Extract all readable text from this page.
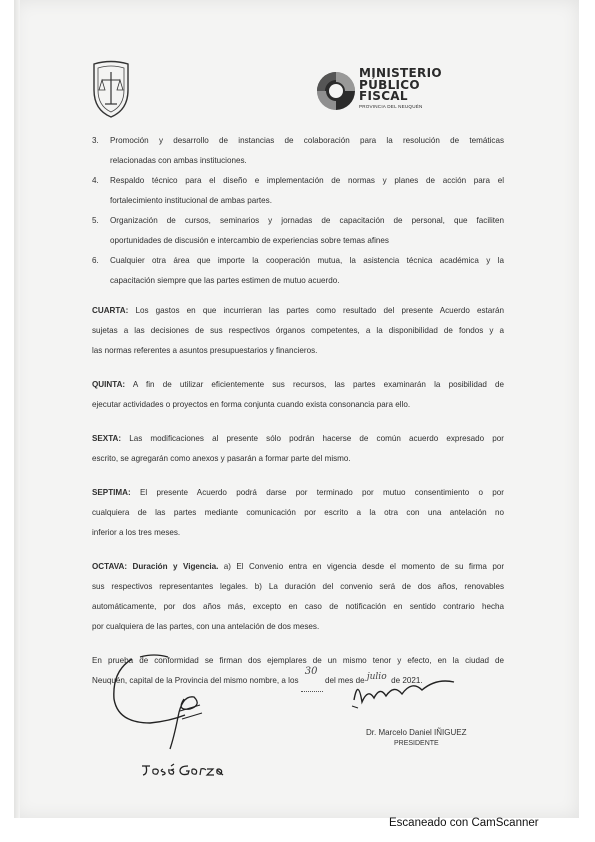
MINISTERIO
PÚBLICO
FISCAL
PROVINCIA DEL NEUQUÉN
3. Promoción y desarrollo de instancias de colaboración para la resolución de temáticas
relacionadas con ambas instituciones.
4. Respaldo técnico para el diseño e implementación de normas y planes de acción para el
fortalecimiento institucional de ambas partes.
5. Organización de cursos, seminarios y jornadas de capacitación de personal, que faciliten
oportunidades de discusión e intercambio de experiencias sobre temas afines
6. Cualquier otra área que importe la cooperación mutua, la asistencia técnica académica y la
capacitación siempre que las partes estimen de mutuo acuerdo.
CUARTA: Los gastos en que incurrieran las partes como resultado del presente Acuerdo estarán
sujetas a las decisiones de sus respectivos órganos competentes, a la disponibilidad de fondos y a
las normas referentes a asuntos presupuestarios y financieros.
QUINTA: A fin de utilizar eficientemente sus recursos, las partes examinarán la posibilidad de
ejecutar actividades o proyectos en forma conjunta cuando exista consonancia para ello.
SEXTA: Las modificaciones al presente sólo podrán hacerse de común acuerdo expresado por
escrito, se agregarán como anexos y pasarán a formar parte del mismo.
SEPTIMA: El presente Acuerdo podrá darse por terminado por mutuo consentimiento o por
cualquiera de las partes mediante comunicación por escrito a la otra con una antelación no
inferior a los tres meses.
OCTAVA: Duración y Vigencia. a) El Convenio entra en vigencia desde el momento de su firma por
sus respectivos representantes legales. b) La duración del convenio será de dos años, renovables
automáticamente, por dos años más, excepto en caso de notificación en sentido contrario hecha
por cualquiera de las partes, con una antelación de dos meses.
En prueba de conformidad se firman dos ejemplares de un mismo tenor y efecto, en la ciudad de
Neuquén, capital de la Provincia del mismo nombre, a los
30
del mes de julio de 2021.
Dr. Marcelo Daniel IÑIGUEZ
PRESIDENTE
Escaneado con CamScanner
